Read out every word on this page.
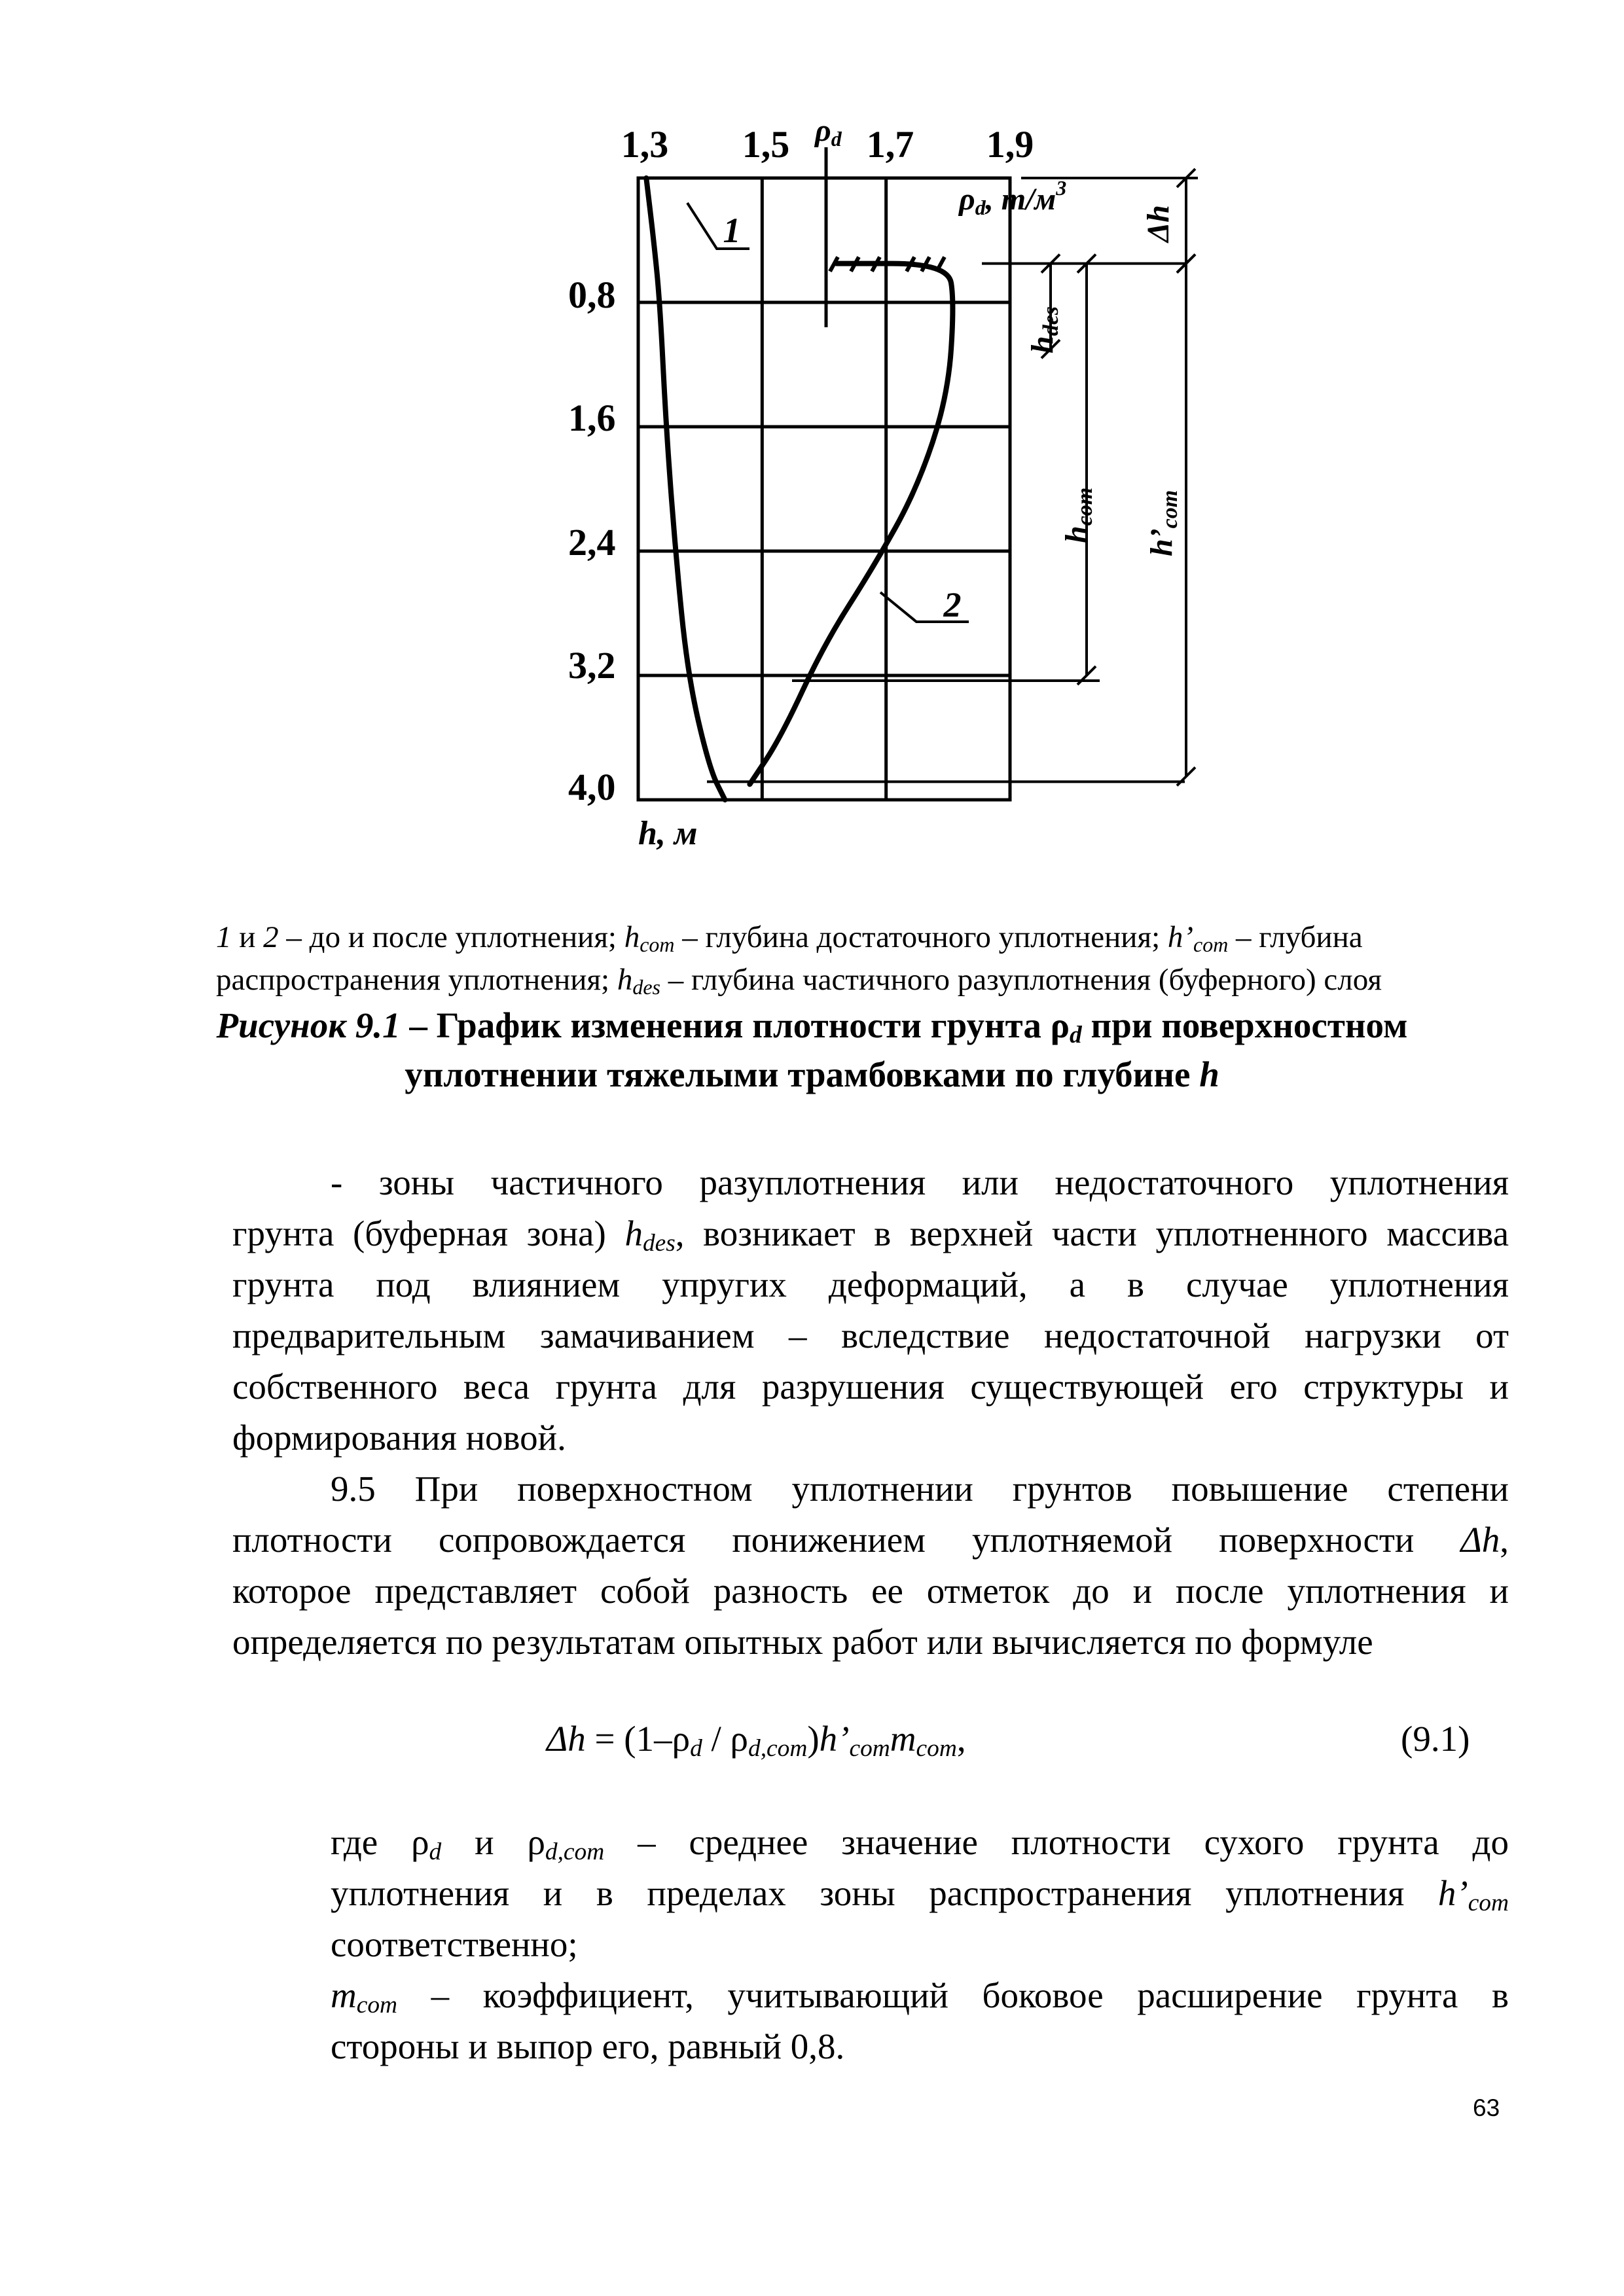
1,3 1,5 1,7 1,9
ρd
ρd, $т/м^3$
0,8
1,6
2,4
3,2
4,0
h, м
1
2
Δh
hdes
hcom
h’com
1 и 2 – до и после уплотнения; $h_{com}$ – глубина достаточного уплотнения; $h’_{com}$ – глубина
распространения уплотнения; $h_{des}$ – глубина частичного разуплотнения (буферного) слоя
Рисунок 9.1 – График изменения плотности грунта $\rho_d$ при поверхностном
уплотнении тяжелыми трамбовками по глубине h
- зоны частичного разуплотнения или недостаточного уплотнения
грунта (буферная зона) $h_{des}$, возникает в верхней части уплотненного массива
грунта под влиянием упругих деформаций, а в случае уплотнения
предварительным замачиванием – вследствие недостаточной нагрузки от
собственного веса грунта для разрушения существующей его структуры и
формирования новой.
9.5 При поверхностном уплотнении грунтов повышение степени
плотности сопровождается понижением уплотняемой поверхности Δh,
которое представляет собой разность ее отметок до и после уплотнения и
определяется по результатам опытных работ или вычисляется по формуле
$\Delta h = (1-\rho_d$ / $\rho_{d,com})h’_{com}m_{com}$,	(9.1)
где $\rho_d$ и $\rho_{d,com}$ – среднее значение плотности сухого грунта до
уплотнения и в пределах зоны распространения уплотнения $h’_{com}$
соответственно;
$m_{com}$ – коэффициент, учитывающий боковое расширение грунта в
стороны и выпор его, равный 0,8.
63
